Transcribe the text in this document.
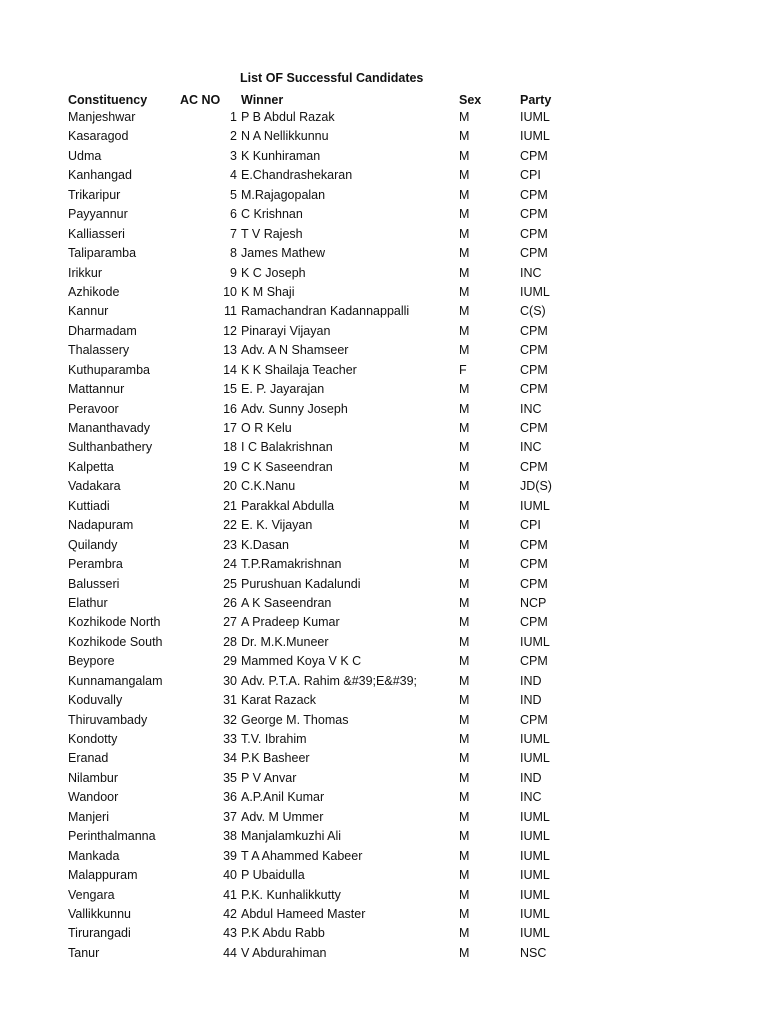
List OF Successful Candidates
Constituency	AC NO Winner	Sex	Party
Manjeshwar	1 P B Abdul Razak	M	IUML
Kasaragod	2 N A Nellikkunnu	M	IUML
Udma	3 K Kunhiraman	M	CPM
Kanhangad	4 E.Chandrashekaran	M	CPI
Trikaripur	5 M.Rajagopalan	M	CPM
Payyannur	6 C Krishnan	M	CPM
Kalliasseri	7 T V Rajesh	M	CPM
Taliparamba	8 James Mathew	M	CPM
Irikkur	9 K C Joseph	M	INC
Azhikode	10 K M Shaji	M	IUML
Kannur	11 Ramachandran Kadannappalli	M	C(S)
Dharmadam	12 Pinarayi Vijayan	M	CPM
Thalassery	13 Adv. A N Shamseer	M	CPM
Kuthuparamba	14 K K Shailaja Teacher	F	CPM
Mattannur	15 E. P. Jayarajan	M	CPM
Peravoor	16 Adv. Sunny Joseph	M	INC
Mananthavady	17 O R Kelu	M	CPM
Sulthanbathery	18 I C Balakrishnan	M	INC
Kalpetta	19 C K Saseendran	M	CPM
Vadakara	20 C.K.Nanu	M	JD(S)
Kuttiadi	21 Parakkal Abdulla	M	IUML
Nadapuram	22 E. K. Vijayan	M	CPI
Quilandy	23 K.Dasan	M	CPM
Perambra	24 T.P.Ramakrishnan	M	CPM
Balusseri	25 Purushuan Kadalundi	M	CPM
Elathur	26 A K Saseendran	M	NCP
Kozhikode North	27 A Pradeep Kumar	M	CPM
Kozhikode South	28 Dr. M.K.Muneer	M	IUML
Beypore	29 Mammed Koya V K C	M	CPM
Kunnamangalam	30 Adv. P.T.A. Rahim &#39;E&#39;	M	IND
Koduvally	31 Karat Razack	M	IND
Thiruvambady	32 George M. Thomas	M	CPM
Kondotty	33 T.V. Ibrahim	M	IUML
Eranad	34 P.K Basheer	M	IUML
Nilambur	35 P V Anvar	M	IND
Wandoor	36 A.P.Anil Kumar	M	INC
Manjeri	37 Adv. M Ummer	M	IUML
Perinthalmanna	38 Manjalamkuzhi Ali	M	IUML
Mankada	39 T A Ahammed Kabeer	M	IUML
Malappuram	40 P Ubaidulla	M	IUML
Vengara	41 P.K. Kunhalikkutty	M	IUML
Vallikkunnu	42 Abdul Hameed Master	M	IUML
Tirurangadi	43 P.K Abdu Rabb	M	IUML
Tanur	44 V Abdurahiman	M	NSC
